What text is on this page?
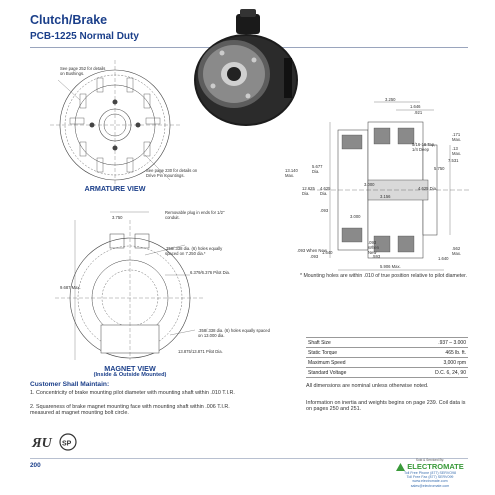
Clutch/Brake
PCB-1225 Normal Duty
See page 252 for details on Bushings.
See page 230 for details on Drive Pin mountings.
ARMATURE VIEW
3.750
9.687 Max.
Removable plug in ends for 1/2" conduit.
.358/.338 dia. (6) holes equally spaced on 7.250 dia.*
6.379/6.376 Pilot Dia.
.358/.338 dia. (6) holes equally spaced on 13.000 dia.
13.875/13.871 Pilot Dia.
MAGNET VIEW
(Inside & Outside Mounted)
3.250
1.646
.921
.171 Max.
.13 Max.
5/16-18 Tap, 1/4 Deep
13.140 Max.
5.677 Dia.
12.625 Dia.
4.625 Dia.
3.000
4.625 Dia.
.093
7.531
5.750
3.156
3.000
.093 When New
.093
1.640
.093 When New
.593
.562 Max.
1.640
5.906 Max.
* Mounting holes are within .010 of true position relative to pilot diameter.
Shaft Size	.937 – 3.000
Static Torque	465 lb. ft.
Maximum Speed	3,000 rpm
Standard Voltage	D.C. 6, 24, 90
All dimensions are nominal unless otherwise noted.
Information on inertia and weights begins on page 239. Coil data is on pages 250 and 251.
Customer Shall Maintain:
1. Concentricity of brake mounting pilot diameter with mounting shaft within .010 T.I.R.
2. Squareness of brake magnet mounting face with mounting shaft within .006 T.I.R. measured at magnet mounting bolt circle.
ЯU SP
200
Sold & Serviced By:
ELECTROMATE
Toll Free Phone (877) SERVO98
Toll Free Fax (877) SERV099
www.electromate.com
sales@electromate.com
